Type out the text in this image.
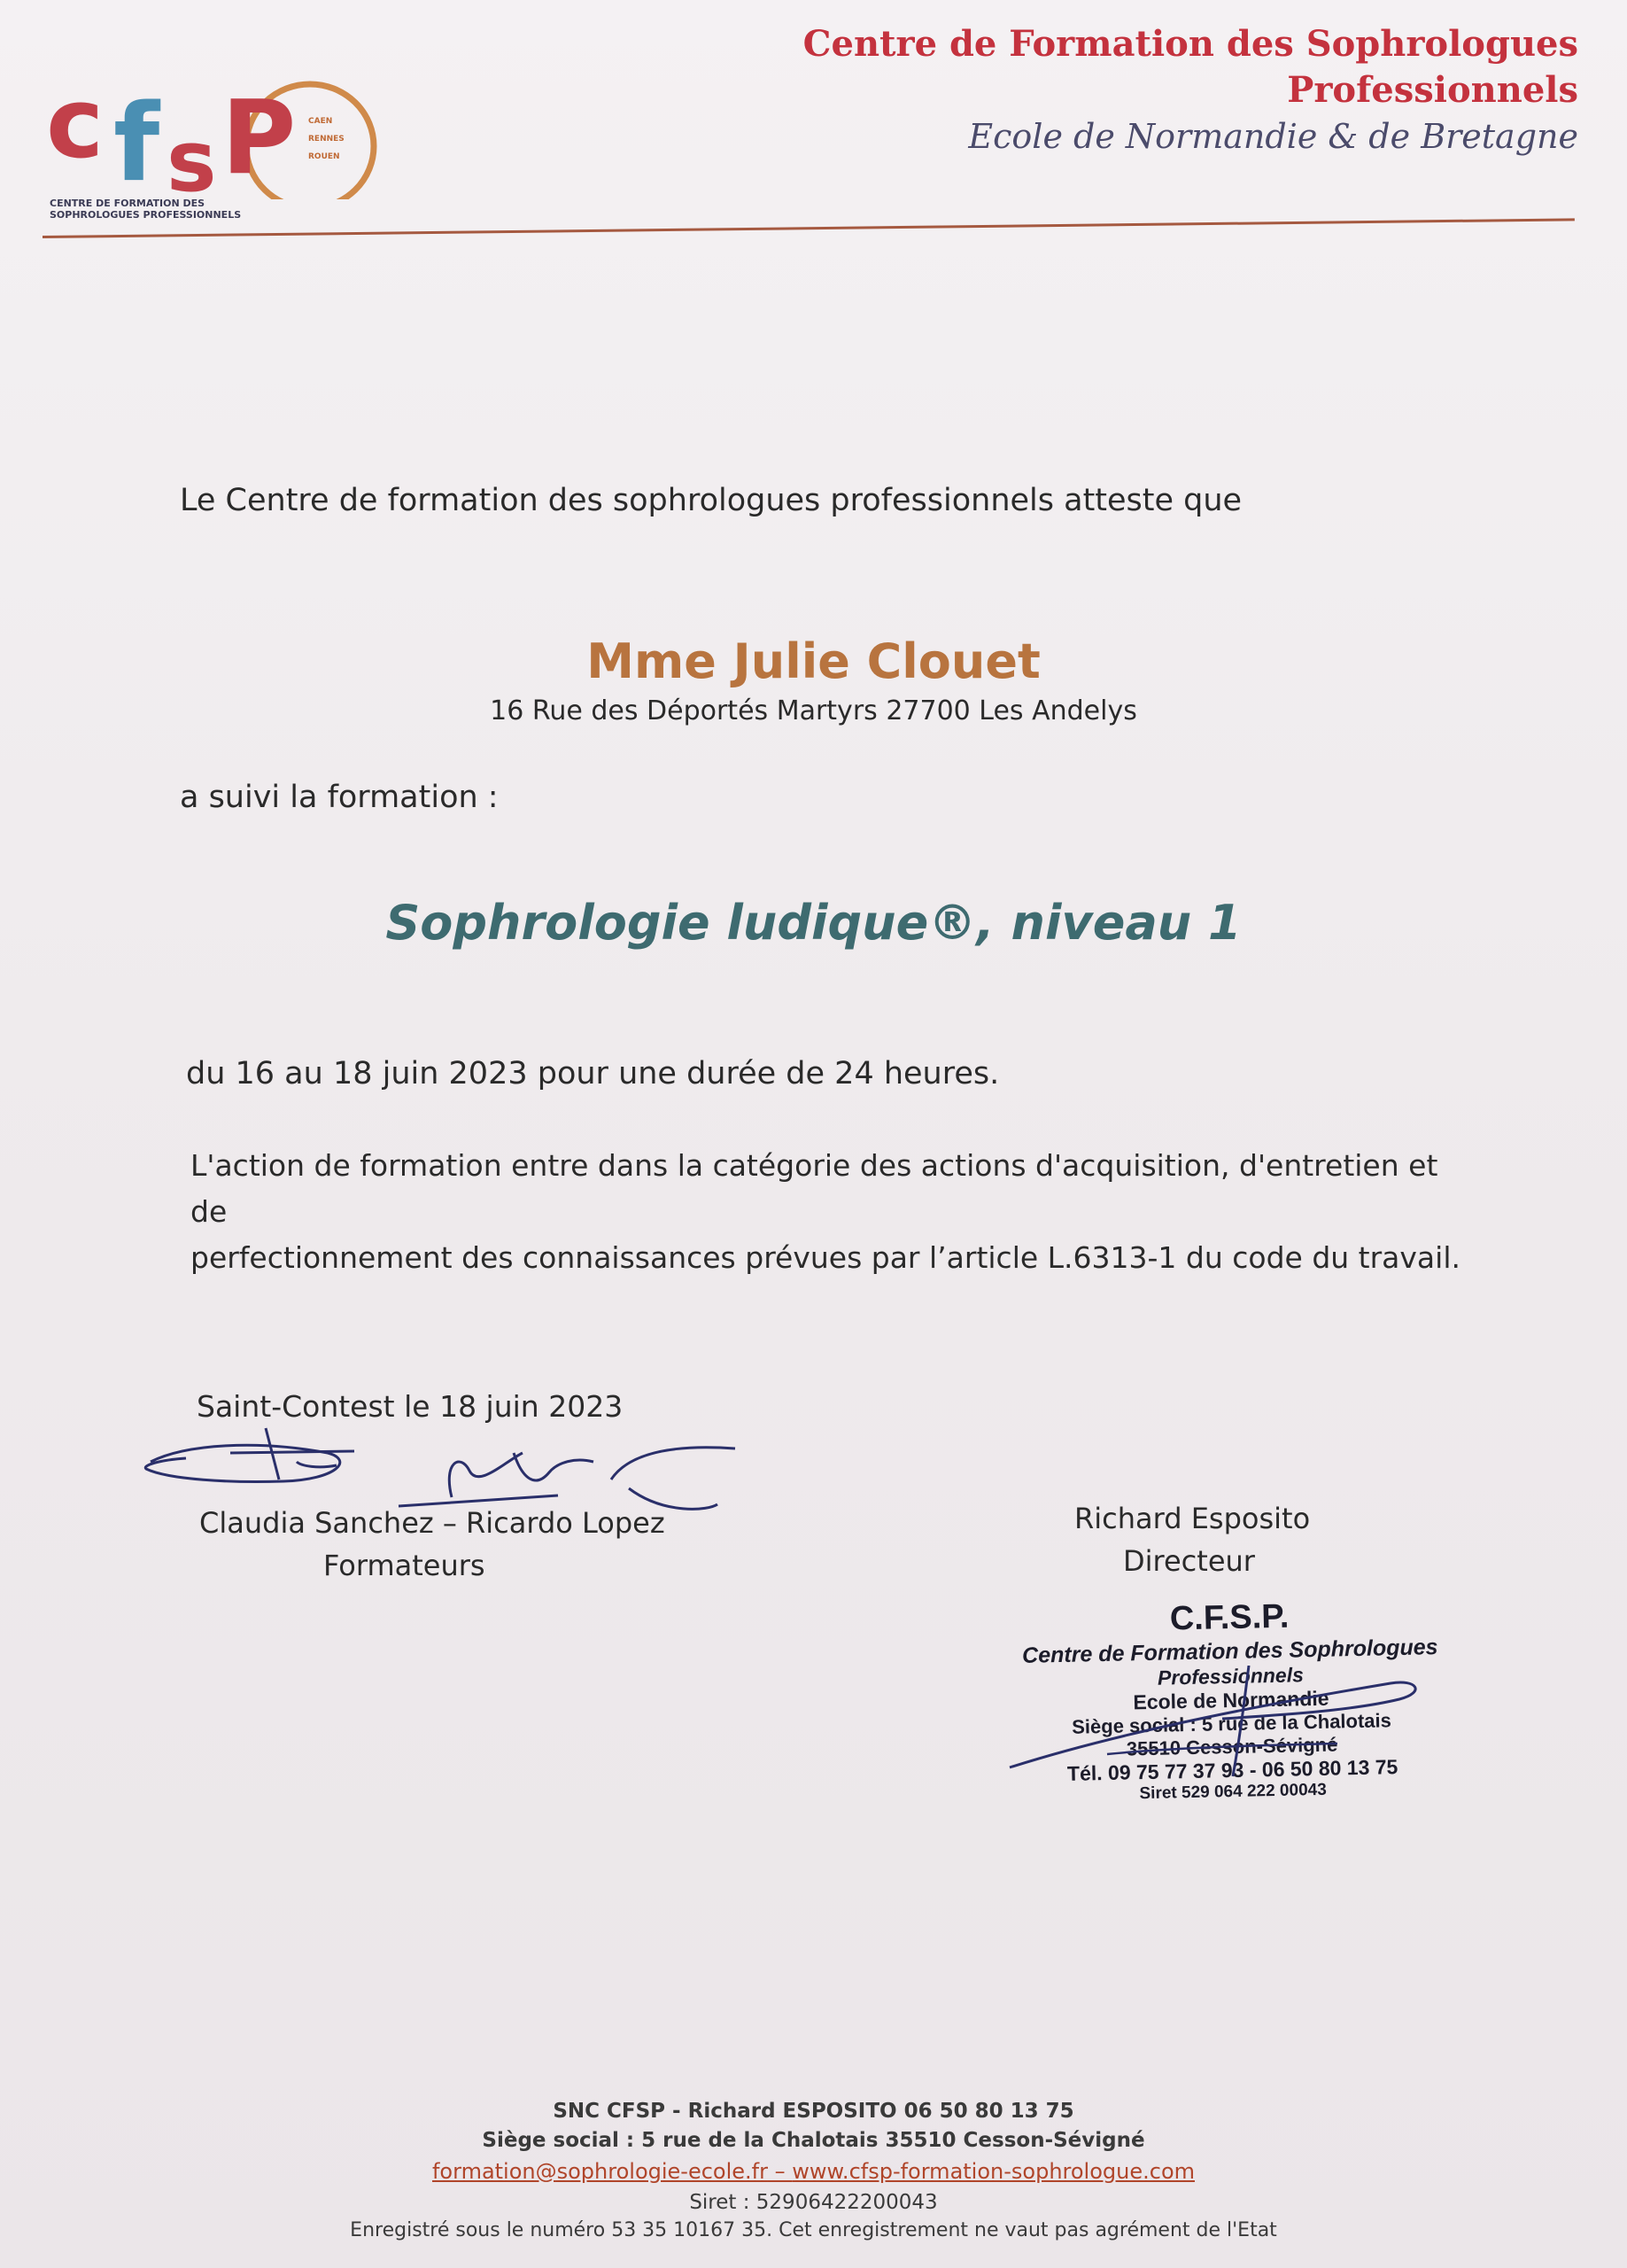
c f s P CAEN
RENNES
ROUEN
CENTRE DE FORMATION DES
SOPHROLOGUES PROFESSIONNELS
Centre de Formation des Sophrologues
Professionnels
Ecole de Normandie & de Bretagne
Le Centre de formation des sophrologues professionnels atteste que
Mme Julie Clouet
16 Rue des Déportés Martyrs 27700 Les Andelys
a suivi la formation :
Sophrologie ludique®, niveau 1
du 16 au 18 juin 2023 pour une durée de 24 heures.
L'action de formation entre dans la catégorie des actions d'acquisition, d'entretien et de
perfectionnement des connaissances prévues par l’article L.6313-1 du code du travail.
Saint-Contest le 18 juin 2023
Claudia Sanchez – Ricardo Lopez
Formateurs
Richard Esposito
Directeur
C.F.S.P.
Centre de Formation des Sophrologues
Professionnels
Ecole de Normandie
Siège social : 5 rue de la Chalotais
35510 Cesson-Sévigné
Tél. 09 75 77 37 93 - 06 50 80 13 75
Siret 529 064 222 00043
SNC CFSP - Richard ESPOSITO 06 50 80 13 75
Siège social : 5 rue de la Chalotais 35510 Cesson-Sévigné
formation@sophrologie-ecole.fr – www.cfsp-formation-sophrologue.com
Siret : 52906422200043
Enregistré sous le numéro 53 35 10167 35. Cet enregistrement ne vaut pas agrément de l'Etat
